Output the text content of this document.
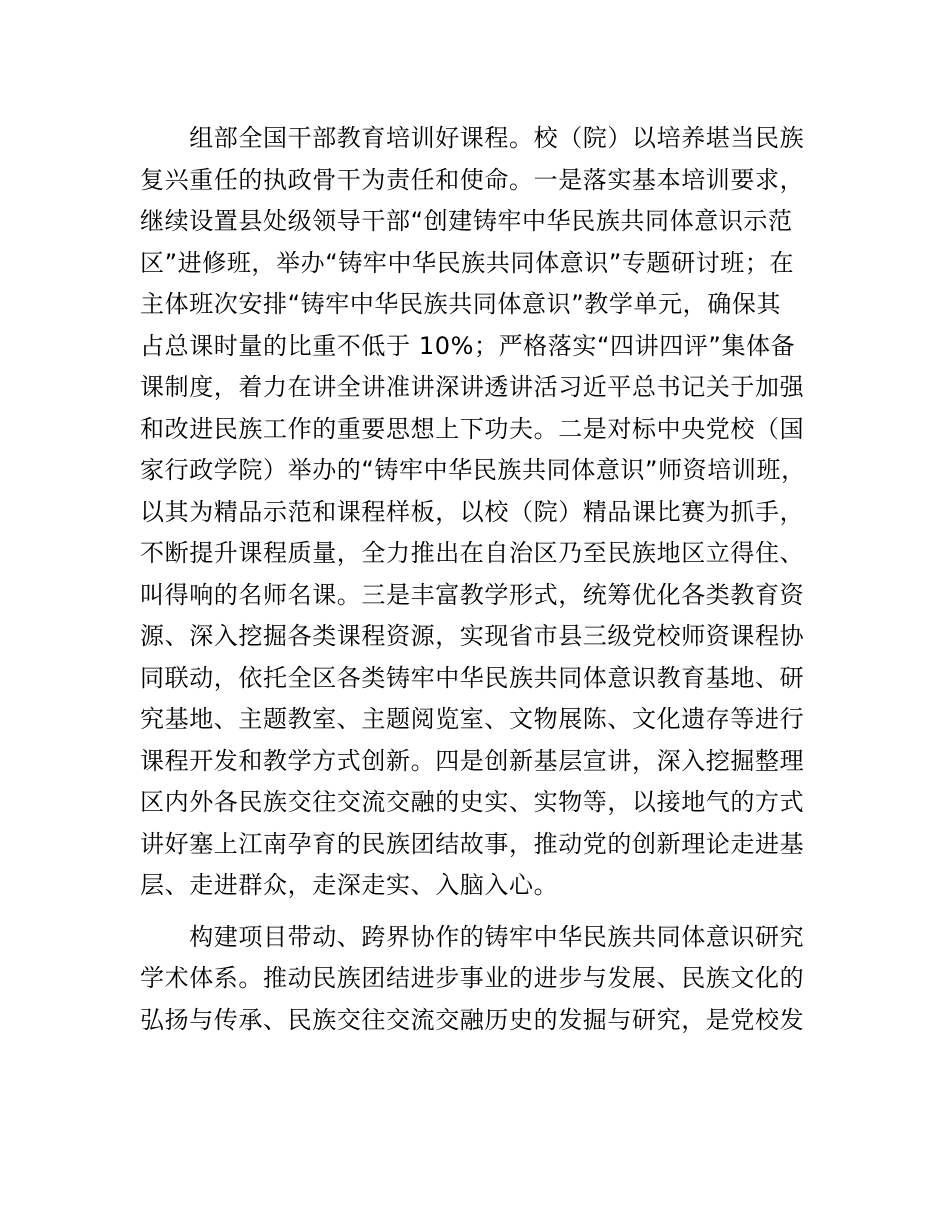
　　组部全国干部教育培训好课程。校（院）以培养堪当民族
复兴重任的执政骨干为责任和使命。一是落实基本培训要求，
继续设置县处级领导干部“创建铸牢中华民族共同体意识示范
区”进修班，举办“铸牢中华民族共同体意识”专题研讨班；在
主体班次安排“铸牢中华民族共同体意识”教学单元，确保其
占总课时量的比重不低于 10%；严格落实“四讲四评”集体备
课制度，着力在讲全讲准讲深讲透讲活习近平总书记关于加强
和改进民族工作的重要思想上下功夫。二是对标中央党校（国
家行政学院）举办的“铸牢中华民族共同体意识”师资培训班，
以其为精品示范和课程样板，以校（院）精品课比赛为抓手，
不断提升课程质量，全力推出在自治区乃至民族地区立得住、
叫得响的名师名课。三是丰富教学形式，统筹优化各类教育资
源、深入挖掘各类课程资源，实现省市县三级党校师资课程协
同联动，依托全区各类铸牢中华民族共同体意识教育基地、研
究基地、主题教室、主题阅览室、文物展陈、文化遗存等进行
课程开发和教学方式创新。四是创新基层宣讲，深入挖掘整理
区内外各民族交往交流交融的史实、实物等，以接地气的方式
讲好塞上江南孕育的民族团结故事，推动党的创新理论走进基
层、走进群众，走深走实、入脑入心。

　　构建项目带动、跨界协作的铸牢中华民族共同体意识研究
学术体系。推动民族团结进步事业的进步与发展、民族文化的
弘扬与传承、民族交往交流交融历史的发掘与研究，是党校发
